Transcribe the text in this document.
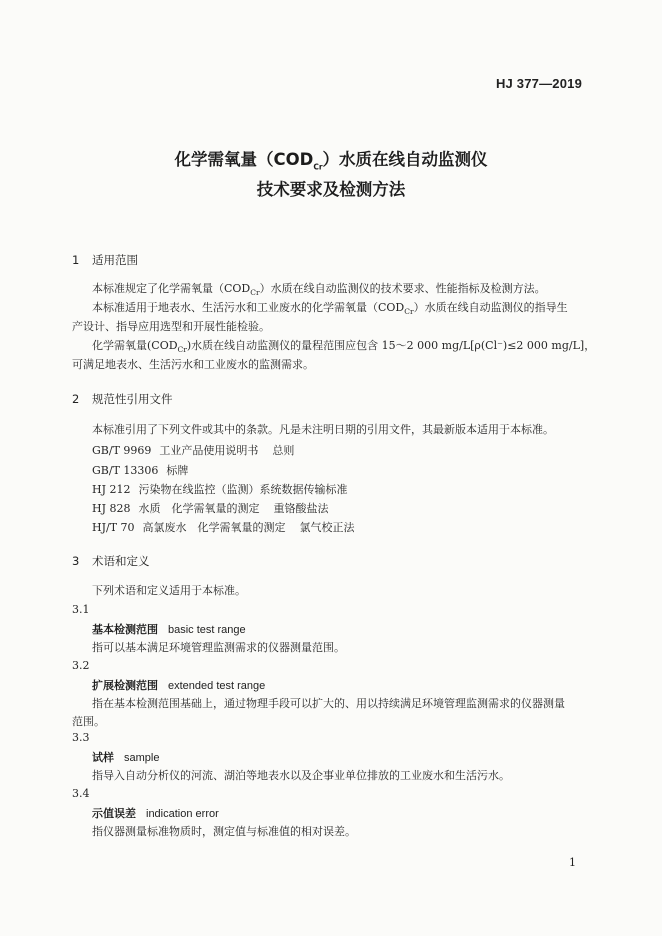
HJ 377—2019
化学需氧量$(COD_{Cr})$水质在线自动监测仪
技术要求及检测方法
1 适用范围
本标准规定了化学需氧量$(COD_{Cr})$水质在线自动监测仪的技术要求、性能指标及检测方法。
本标准适用于地表水、生活污水和工业废水的化学需氧量$(COD_{Cr})$水质在线自动监测仪的指导生
产设计、指导应用选型和开展性能检验。
化学需氧量$(COD_{Cr})$水质在线自动监测仪的量程范围应包含 15～2 000 mg/L[ρ(Cl⁻)≤2 000 mg/L]，
可满足地表水、生活污水和工业废水的监测需求。
2 规范性引用文件
本标准引用了下列文件或其中的条款。凡是未注明日期的引用文件，其最新版本适用于本标准。
GB/T 9969 工业产品使用说明书 总则
GB/T 13306 标牌
HJ 212 污染物在线监控（监测）系统数据传输标准
HJ 828 水质　化学需氧量的测定 重铬酸盐法
HJ/T 70 高氯废水　化学需氧量的测定 氯气校正法
3 术语和定义
下列术语和定义适用于本标准。
3.1
基本检测范围 basic test range
指可以基本满足环境管理监测需求的仪器测量范围。
3.2
扩展检测范围 extended test range
指在基本检测范围基础上，通过物理手段可以扩大的、用以持续满足环境管理监测需求的仪器测量
范围。
3.3
试样 sample
指导入自动分析仪的河流、湖泊等地表水以及企事业单位排放的工业废水和生活污水。
3.4
示值误差 indication error
指仪器测量标准物质时，测定值与标准值的相对误差。
1
